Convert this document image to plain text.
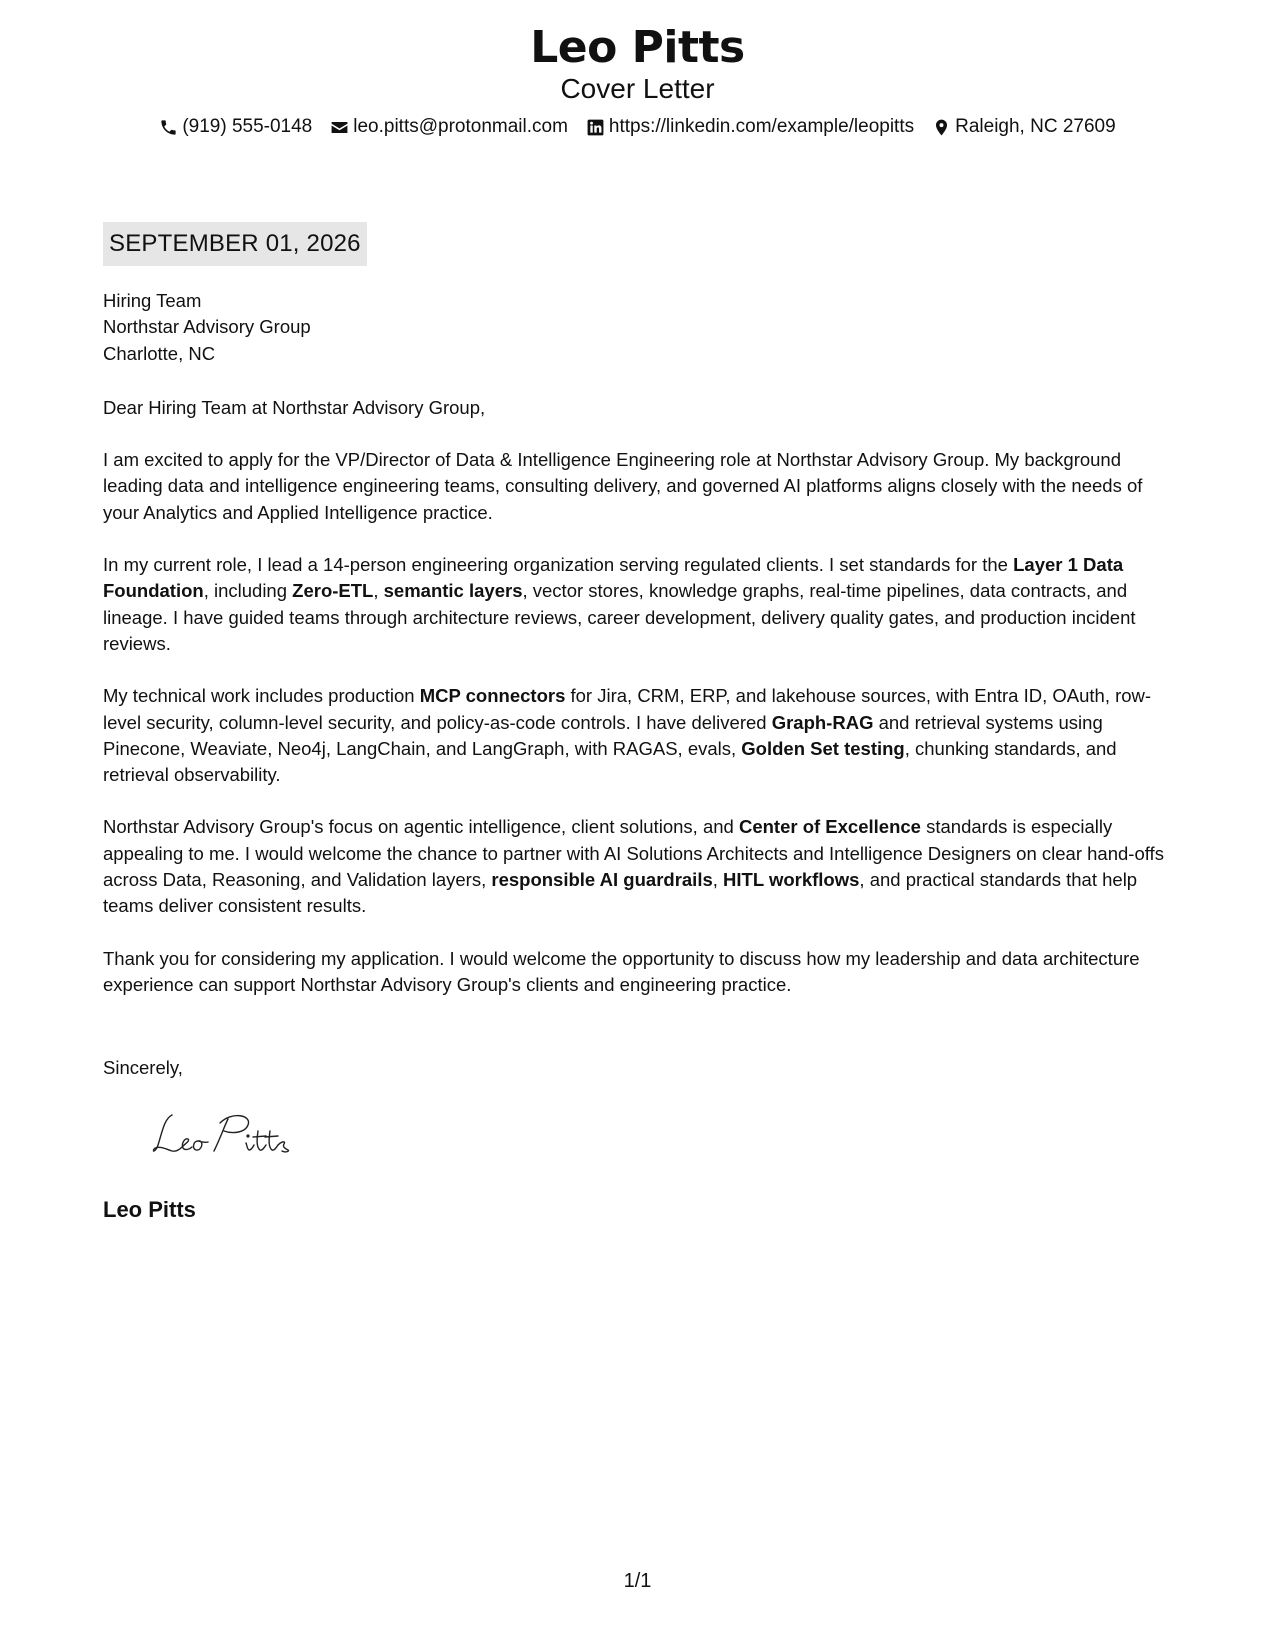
Leo Pitts
Cover Letter
(919) 555-0148 leo.pitts@protonmail.com https://linkedin.com/example/leopitts Raleigh, NC 27609
SEPTEMBER 01, 2026
Hiring Team
Northstar Advisory Group
Charlotte, NC
Dear Hiring Team at Northstar Advisory Group,
I am excited to apply for the VP/Director of Data & Intelligence Engineering role at Northstar Advisory Group. My background leading data and intelligence engineering teams, consulting delivery, and governed AI platforms aligns closely with the needs of your Analytics and Applied Intelligence practice.
In my current role, I lead a 14-person engineering organization serving regulated clients. I set standards for the Layer 1 Data Foundation, including Zero-ETL, semantic layers, vector stores, knowledge graphs, real-time pipelines, data contracts, and lineage. I have guided teams through architecture reviews, career development, delivery quality gates, and production incident reviews.
My technical work includes production MCP connectors for Jira, CRM, ERP, and lakehouse sources, with Entra ID, OAuth, row-level security, column-level security, and policy-as-code controls. I have delivered Graph-RAG and retrieval systems using Pinecone, Weaviate, Neo4j, LangChain, and LangGraph, with RAGAS, evals, Golden Set testing, chunking standards, and retrieval observability.
Northstar Advisory Group's focus on agentic intelligence, client solutions, and Center of Excellence standards is especially appealing to me. I would welcome the chance to partner with AI Solutions Architects and Intelligence Designers on clear hand-offs across Data, Reasoning, and Validation layers, responsible AI guardrails, HITL workflows, and practical standards that help teams deliver consistent results.
Thank you for considering my application. I would welcome the opportunity to discuss how my leadership and data architecture experience can support Northstar Advisory Group's clients and engineering practice.
Sincerely,
Leo Pitts
1/1
